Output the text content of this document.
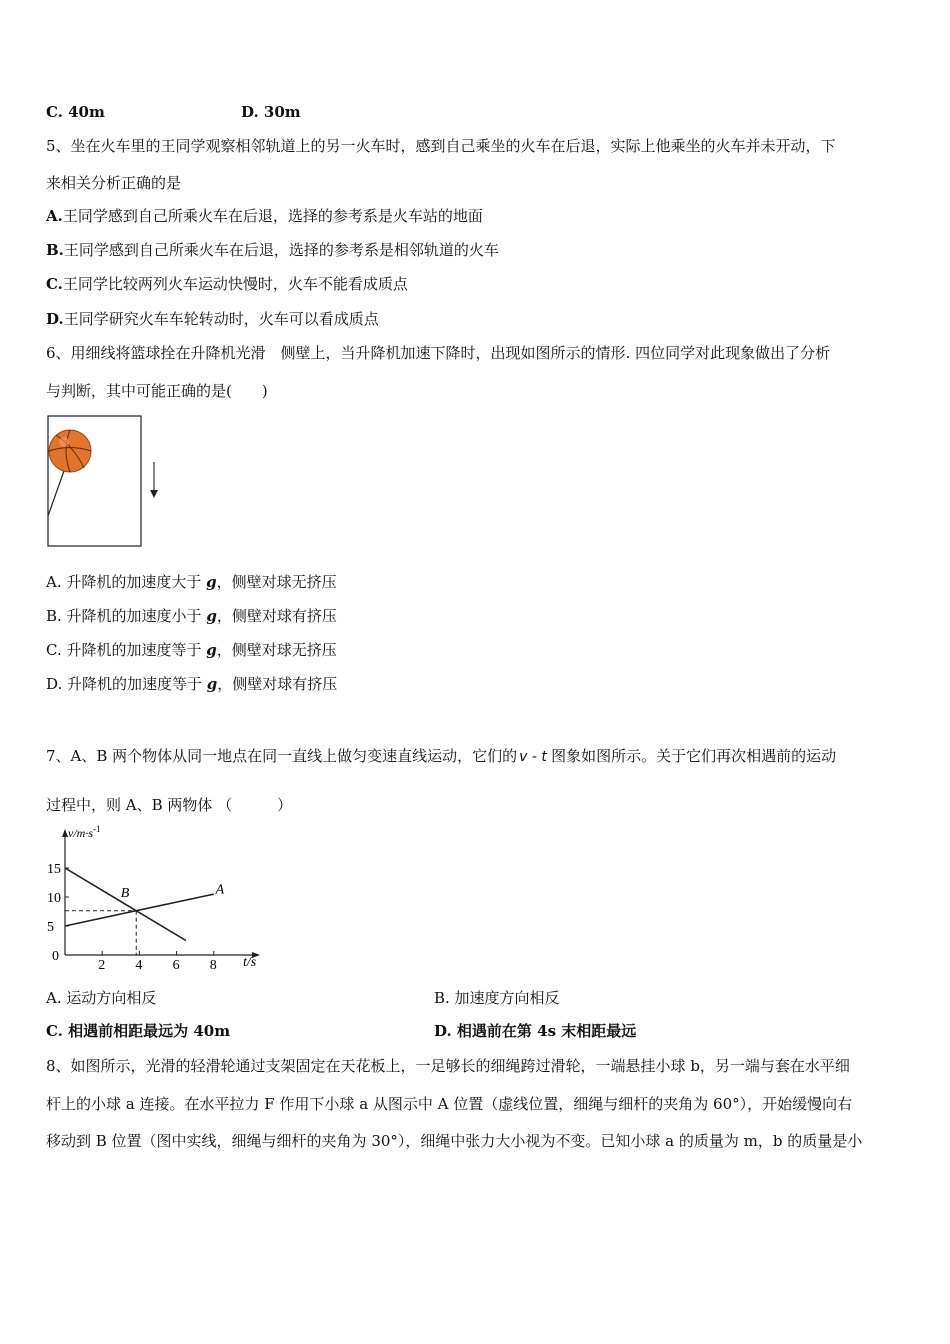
C. 40m	D. 30m
5、坐在火车里的王同学观察相邻轨道上的另一火车时，感到自己乘坐的火车在后退，实际上他乘坐的火车并未开动，下
来相关分析正确的是
A.王同学感到自己所乘火车在后退，选择的参考系是火车站的地面
B.王同学感到自己所乘火车在后退，选择的参考系是相邻轨道的火车
C.王同学比较两列火车运动快慢时，火车不能看成质点
D.王同学研究火车车轮转动时，火车可以看成质点
6、用细线将篮球拴在升降机光滑　侧壁上，当升降机加速下降时，出现如图所示的情形. 四位同学对此现象做出了分析
与判断，其中可能正确的是(　　)
A. 升降机的加速度大于 g，侧壁对球无挤压
B. 升降机的加速度小于 g，侧壁对球有挤压
C. 升降机的加速度等于 g，侧壁对球无挤压
D. 升降机的加速度等于 g，侧壁对球有挤压
7、A、B 两个物体从同一地点在同一直线上做匀变速直线运动，它们的 v - t 图象如图所示。关于它们再次相遇前的运动
过程中，则 A、B 两物体 （　　　）
$v/m\cdot s^{-1}$
t/s
0
15
10
5
2 4 6 8
A
B
A. 运动方向相反	B. 加速度方向相反
C. 相遇前相距最远为 40m	D. 相遇前在第 4s 末相距最远
8、如图所示，光滑的轻滑轮通过支架固定在天花板上，一足够长的细绳跨过滑轮，一端悬挂小球 b，另一端与套在水平细
杆上的小球 a 连接。在水平拉力 F 作用下小球 a 从图示中 A 位置（虚线位置，细绳与细杆的夹角为 60°），开始缓慢向右
移动到 B 位置（图中实线，细绳与细杆的夹角为 30°），细绳中张力大小视为不变。已知小球 a 的质量为 m，b 的质量是小
